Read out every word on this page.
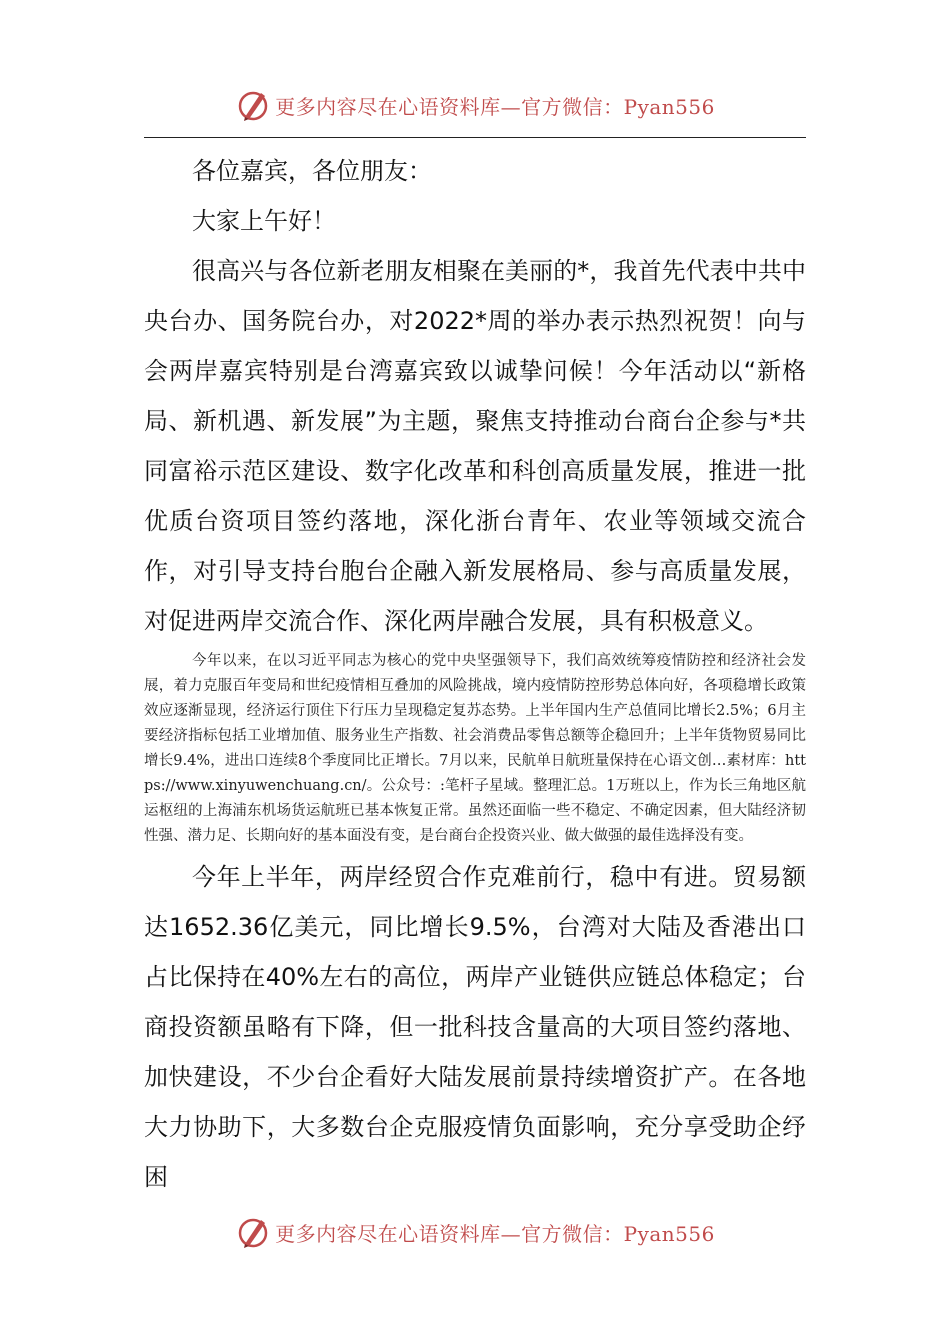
更多内容尽在心语资料库—官方微信：Pyan556

各位嘉宾，各位朋友：

大家上午好！

很高兴与各位新老朋友相聚在美丽的*，我首先代表中共中央台办、国务院台办，对2022*周的举办表示热烈祝贺！向与会两岸嘉宾特别是台湾嘉宾致以诚挚问候！今年活动以“新格局、新机遇、新发展”为主题，聚焦支持推动台商台企参与*共同富裕示范区建设、数字化改革和科创高质量发展，推进一批优质台资项目签约落地，深化浙台青年、农业等领域交流合作，对引导支持台胞台企融入新发展格局、参与高质量发展，对促进两岸交流合作、深化两岸融合发展，具有积极意义。

今年以来，在以习近平同志为核心的党中央坚强领导下，我们高效统筹疫情防控和经济社会发展，着力克服百年变局和世纪疫情相互叠加的风险挑战，境内疫情防控形势总体向好，各项稳增长政策效应逐渐显现，经济运行顶住下行压力呈现稳定复苏态势。上半年国内生产总值同比增长2.5%；6月主要经济指标包括工业增加值、服务业生产指数、社会消费品零售总额等企稳回升；上半年货物贸易同比增长9.4%，进出口连续8个季度同比正增长。7月以来，民航单日航班量保持在心语文创…素材库：https://www.xinyuwenchuang.cn/。公众号：:笔杆子星域。整理汇总。1万班以上，作为长三角地区航运枢纽的上海浦东机场货运航班已基本恢复正常。虽然还面临一些不稳定、不确定因素，但大陆经济韧性强、潜力足、长期向好的基本面没有变，是台商台企投资兴业、做大做强的最佳选择没有变。

今年上半年，两岸经贸合作克难前行，稳中有进。贸易额达1652.36亿美元，同比增长9.5%，台湾对大陆及香港出口占比保持在40%左右的高位，两岸产业链供应链总体稳定；台商投资额虽略有下降，但一批科技含量高的大项目签约落地、加快建设，不少台企看好大陆发展前景持续增资扩产。在各地大力协助下，大多数台企克服疫情负面影响，充分享受助企纾困

更多内容尽在心语资料库—官方微信：Pyan556
